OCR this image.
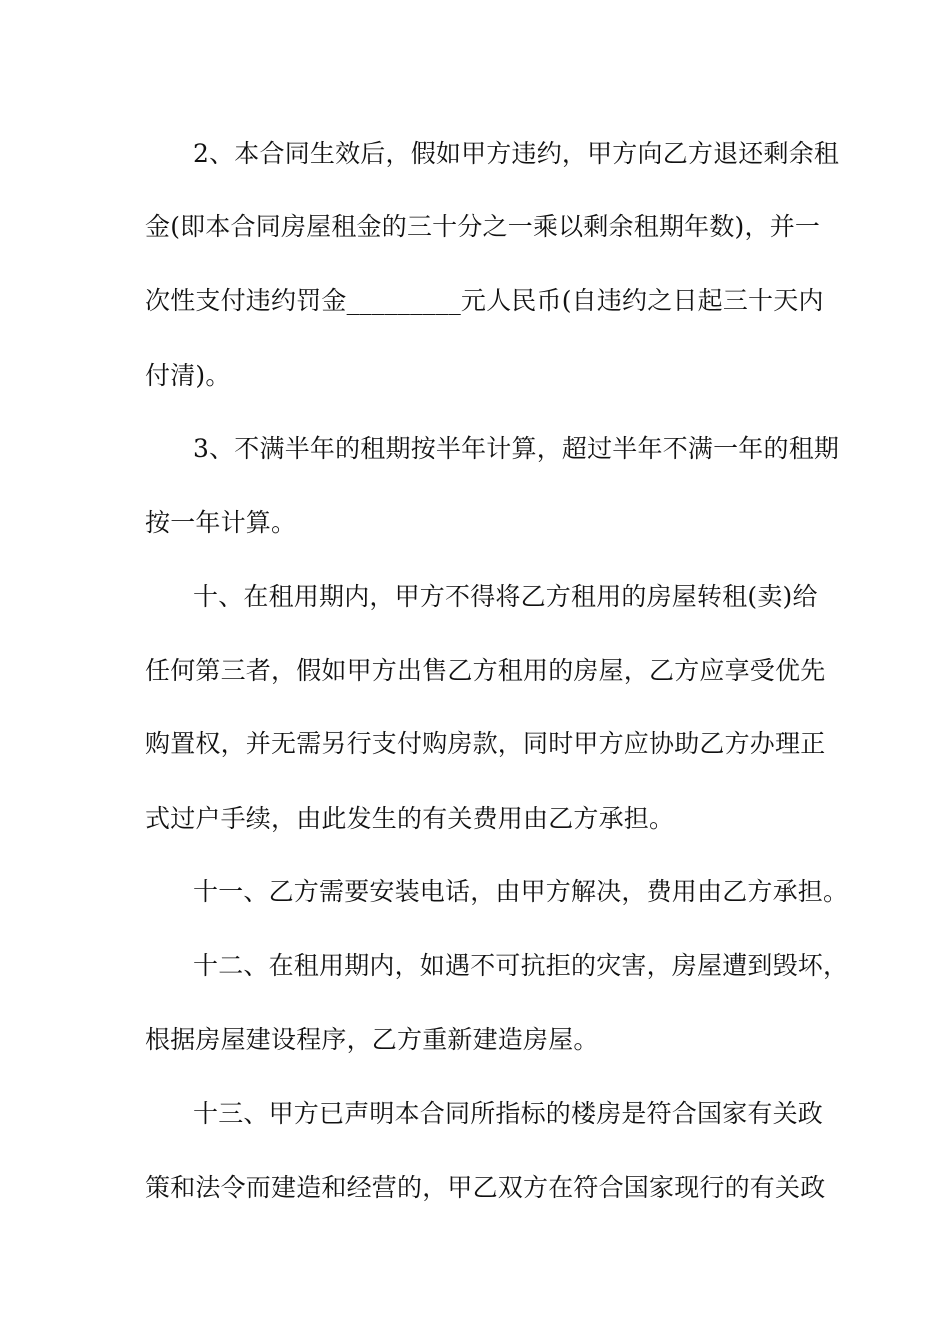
2、本合同生效后，假如甲方违约，甲方向乙方退还剩余租
金(即本合同房屋租金的三十分之一乘以剩余租期年数)，并一
次性支付违约罚金_________元人民币(自违约之日起三十天内
付清)。
3、不满半年的租期按半年计算，超过半年不满一年的租期
按一年计算。
十、在租用期内，甲方不得将乙方租用的房屋转租(卖)给
任何第三者，假如甲方出售乙方租用的房屋，乙方应享受优先
购置权，并无需另行支付购房款，同时甲方应协助乙方办理正
式过户手续，由此发生的有关费用由乙方承担。
十一、乙方需要安装电话，由甲方解决，费用由乙方承担。
十二、在租用期内，如遇不可抗拒的灾害，房屋遭到毁坏，
根据房屋建设程序，乙方重新建造房屋。
十三、甲方已声明本合同所指标的楼房是符合国家有关政
策和法令而建造和经营的，甲乙双方在符合国家现行的有关政
